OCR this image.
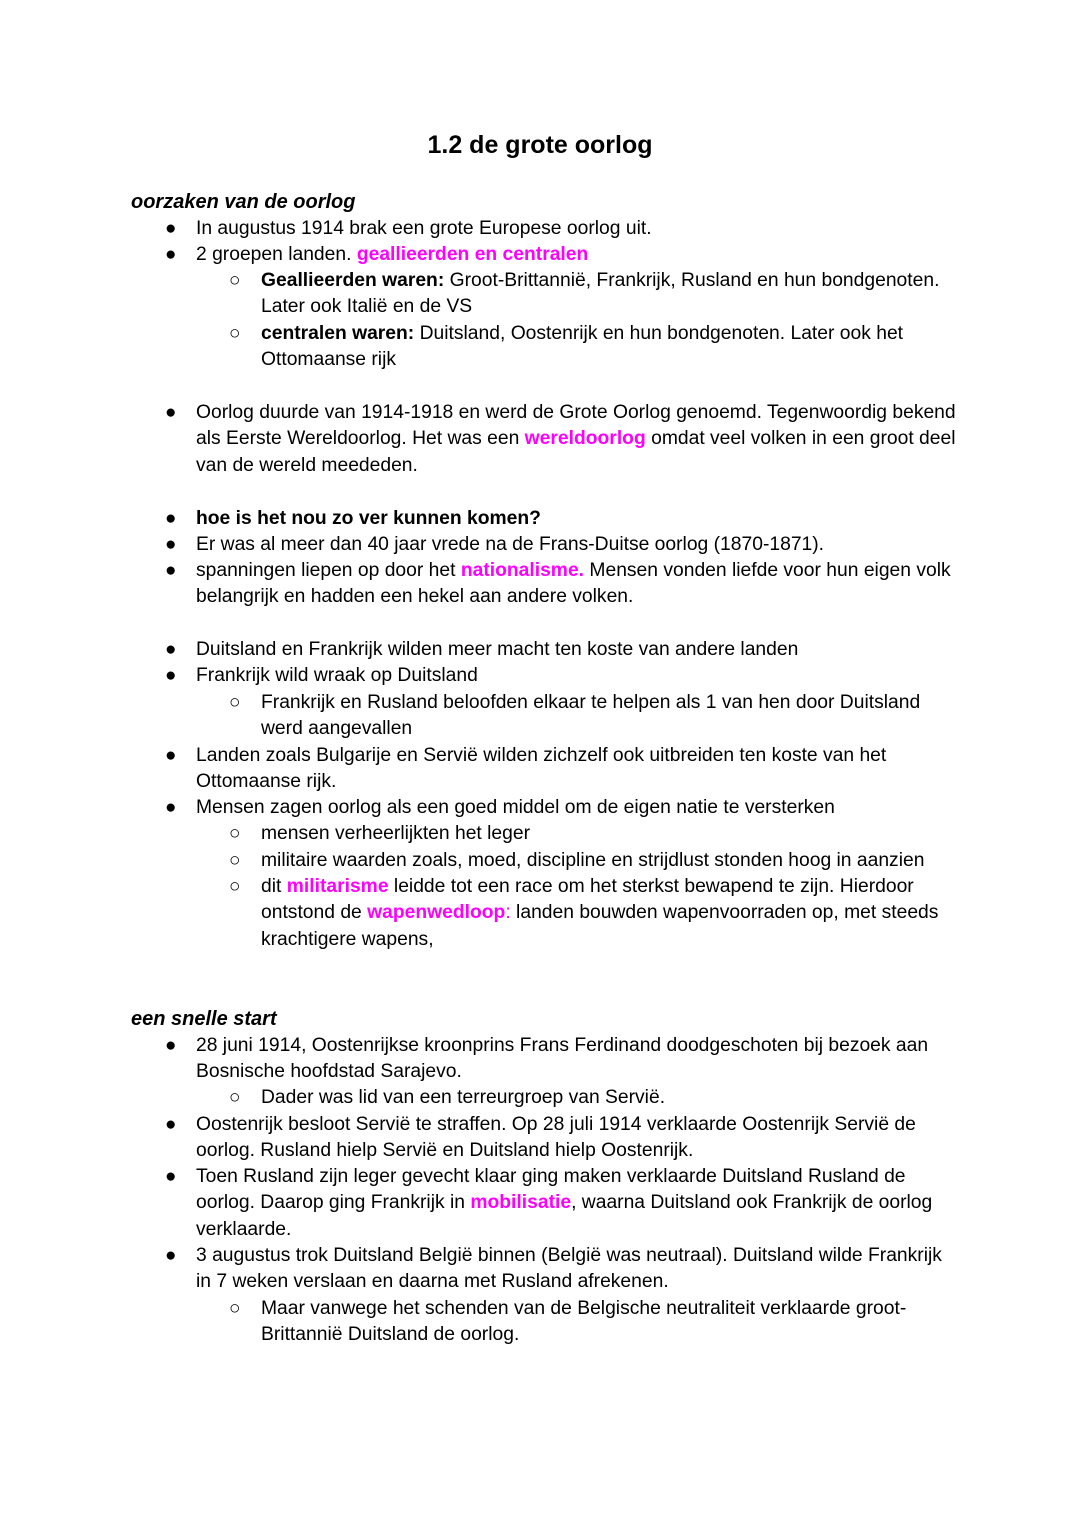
1.2 de grote oorlog
oorzaken van de oorlog
● In augustus 1914 brak een grote Europese oorlog uit.
● 2 groepen landen. geallieerden en centralen
○ Geallieerden waren: Groot-Brittannië, Frankrijk, Rusland en hun bondgenoten. Later ook Italië en de VS
○ centralen waren: Duitsland, Oostenrijk en hun bondgenoten. Later ook het Ottomaanse rijk
● Oorlog duurde van 1914-1918 en werd de Grote Oorlog genoemd. Tegenwoordig bekend als Eerste Wereldoorlog. Het was een wereldoorlog omdat veel volken in een groot deel van de wereld meededen.
● hoe is het nou zo ver kunnen komen?
● Er was al meer dan 40 jaar vrede na de Frans-Duitse oorlog (1870-1871).
● spanningen liepen op door het nationalisme. Mensen vonden liefde voor hun eigen volk belangrijk en hadden een hekel aan andere volken.
● Duitsland en Frankrijk wilden meer macht ten koste van andere landen
● Frankrijk wild wraak op Duitsland
○ Frankrijk en Rusland beloofden elkaar te helpen als 1 van hen door Duitsland werd aangevallen
● Landen zoals Bulgarije en Servië wilden zichzelf ook uitbreiden ten koste van het Ottomaanse rijk.
● Mensen zagen oorlog als een goed middel om de eigen natie te versterken
○ mensen verheerlijkten het leger
○ militaire waarden zoals, moed, discipline en strijdlust stonden hoog in aanzien
○ dit militarisme leidde tot een race om het sterkst bewapend te zijn. Hierdoor ontstond de wapenwedloop: landen bouwden wapenvoorraden op, met steeds krachtigere wapens,
een snelle start
● 28 juni 1914, Oostenrijkse kroonprins Frans Ferdinand doodgeschoten bij bezoek aan Bosnische hoofdstad Sarajevo.
○ Dader was lid van een terreurgroep van Servië.
● Oostenrijk besloot Servië te straffen. Op 28 juli 1914 verklaarde Oostenrijk Servië de oorlog. Rusland hielp Servië en Duitsland hielp Oostenrijk.
● Toen Rusland zijn leger gevecht klaar ging maken verklaarde Duitsland Rusland de oorlog. Daarop ging Frankrijk in mobilisatie, waarna Duitsland ook Frankrijk de oorlog verklaarde.
● 3 augustus trok Duitsland België binnen (België was neutraal). Duitsland wilde Frankrijk in 7 weken verslaan en daarna met Rusland afrekenen.
○ Maar vanwege het schenden van de Belgische neutraliteit verklaarde groot-Brittannië Duitsland de oorlog.
